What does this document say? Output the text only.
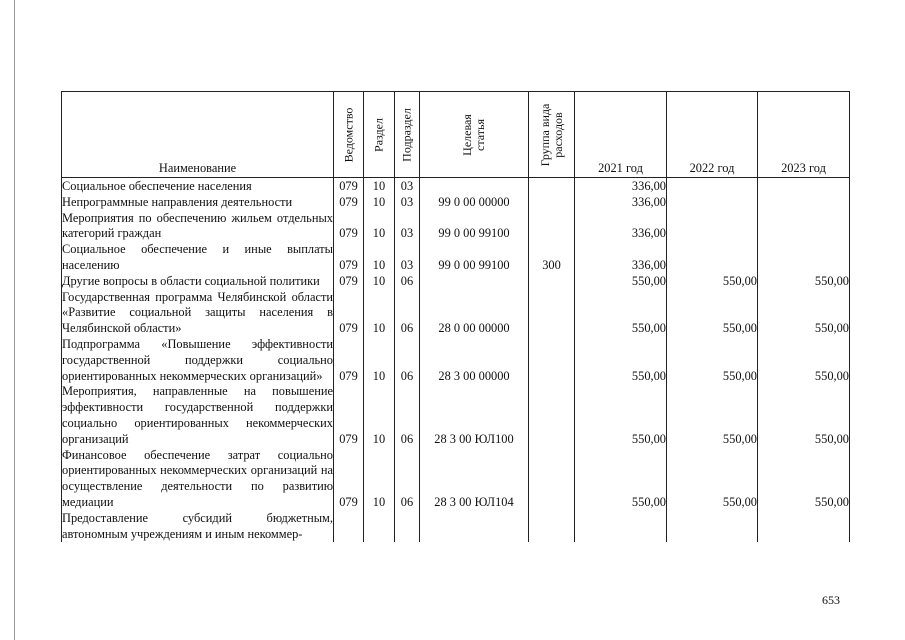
Наименование	Ведомство	Раздел	Подраздел	Целевая статья	Группа вида расходов	2021 год	2022 год	2023 год
Социальное обеспечение населения	079	10	03			336,00		
Непрограммные направления деятельности	079	10	03	99 0 00 00000		336,00		
Мероприятия по обеспечению жильем отдельных категорий граждан	079	10	03	99 0 00 99100		336,00		
Социальное обеспечение и иные выплаты населению	079	10	03	99 0 00 99100	300	336,00		
Другие вопросы в области социальной политики	079	10	06			550,00	550,00	550,00
Государственная программа Челябинской области «Развитие социальной защиты населения в Челябинской области»	079	10	06	28 0 00 00000		550,00	550,00	550,00
Подпрограмма «Повышение эффективности государственной поддержки социально ориентированных некоммерческих организаций»	079	10	06	28 3 00 00000		550,00	550,00	550,00
Мероприятия, направленные на повышение эффективности государственной поддержки социально ориентированных некоммерческих организаций	079	10	06	28 3 00 ЮЛ100		550,00	550,00	550,00
Финансовое обеспечение затрат социально ориентированных некоммерческих организаций на осуществление деятельности по развитию медиации	079	10	06	28 3 00 ЮЛ104		550,00	550,00	550,00
Предоставление субсидий бюджетным, автономным учреждениям и иным некоммер-								
653
